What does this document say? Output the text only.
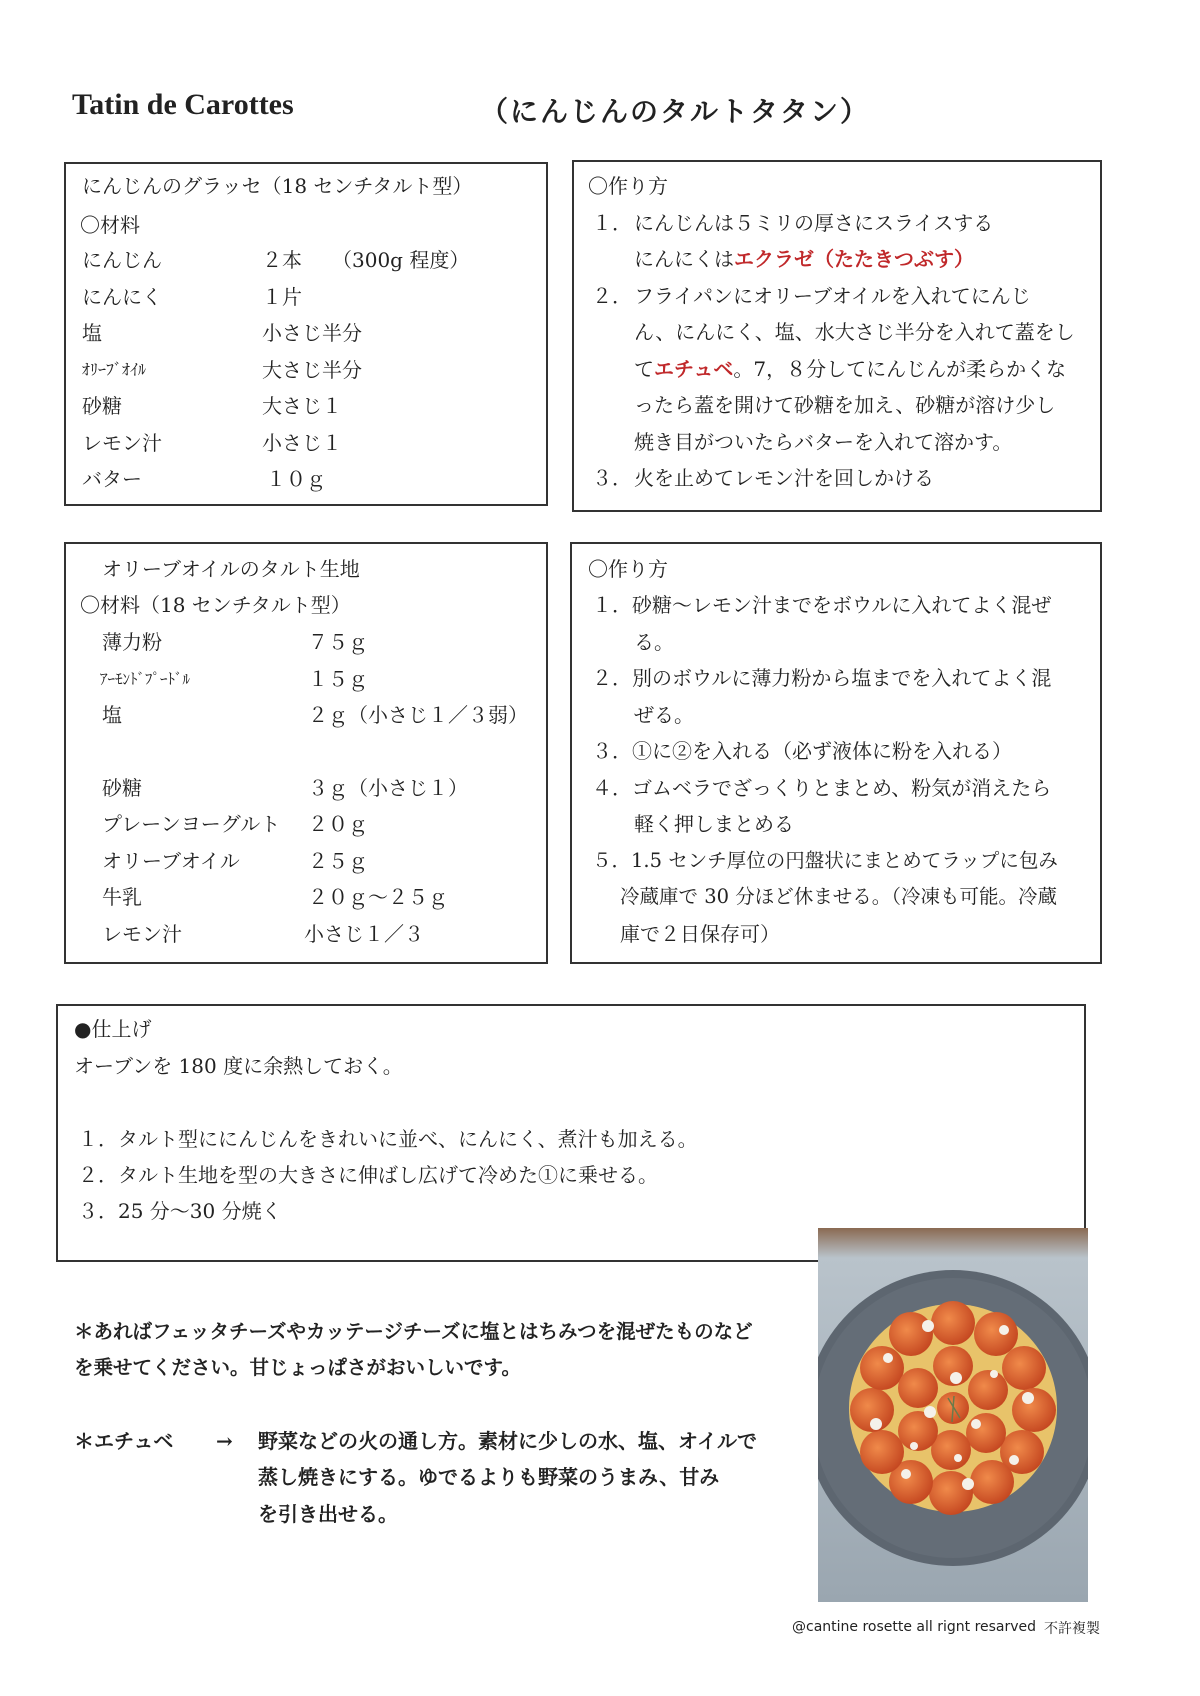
Tatin de Carottes	（にんじんのタルトタタン）
にんじんのグラッセ（18 センチタルト型）
〇材料
にんじん	２本　　（300g 程度）
にんにく	１片
塩	小さじ半分
ｵﾘｰﾌﾞｵｲﾙ	大さじ半分
砂糖	大さじ１
レモン汁	小さじ１
バター	１０ｇ
〇作り方
１． にんじんは５ミリの厚さにスライスする
にんにくはエクラゼ（たたきつぶす）
２． フライパンにオリーブオイルを入れてにんじ
ん、にんにく、塩、水大さじ半分を入れて蓋をし
てエチュベ。7，８分してにんじんが柔らかくな
ったら蓋を開けて砂糖を加え、砂糖が溶け少し
焼き目がついたらバターを入れて溶かす。
３． 火を止めてレモン汁を回しかける
オリーブオイルのタルト生地
〇材料（18 センチタルト型）
薄力粉	７５ｇ
ｱｰﾓﾝﾄﾞﾌﾟｰﾄﾞﾙ	１５ｇ
塩	２ｇ（小さじ１／３弱）
砂糖	３ｇ（小さじ１）
プレーンヨーグルト ２０ｇ
オリーブオイル	２５ｇ
牛乳	２０ｇ〜２５ｇ
レモン汁	小さじ１／３
〇作り方
１．砂糖〜レモン汁までをボウルに入れてよく混ぜ
る。
２．別のボウルに薄力粉から塩までを入れてよく混
ぜる。
３．①に②を入れる（必ず液体に粉を入れる）
４．ゴムベラでざっくりとまとめ、粉気が消えたら
軽く押しまとめる
５．1.5 センチ厚位の円盤状にまとめてラップに包み
冷蔵庫で 30 分ほど休ませる。（冷凍も可能。冷蔵
庫で２日保存可）
●仕上げ
オーブンを 180 度に余熱しておく。
１．タルト型ににんじんをきれいに並べ、にんにく、煮汁も加える。
２．タルト生地を型の大きさに伸ばし広げて冷めた①に乗せる。
３．25 分〜30 分焼く
＊あればフェッタチーズやカッテージチーズに塩とはちみつを混ぜたものなど
を乗せてください。甘じょっぱさがおいしいです。
＊エチュベ → 野菜などの火の通し方。素材に少しの水、塩、オイルで
蒸し焼きにする。ゆでるよりも野菜のうまみ、甘み
を引き出せる。
@cantine rosette all rignt resarved 不許複製
